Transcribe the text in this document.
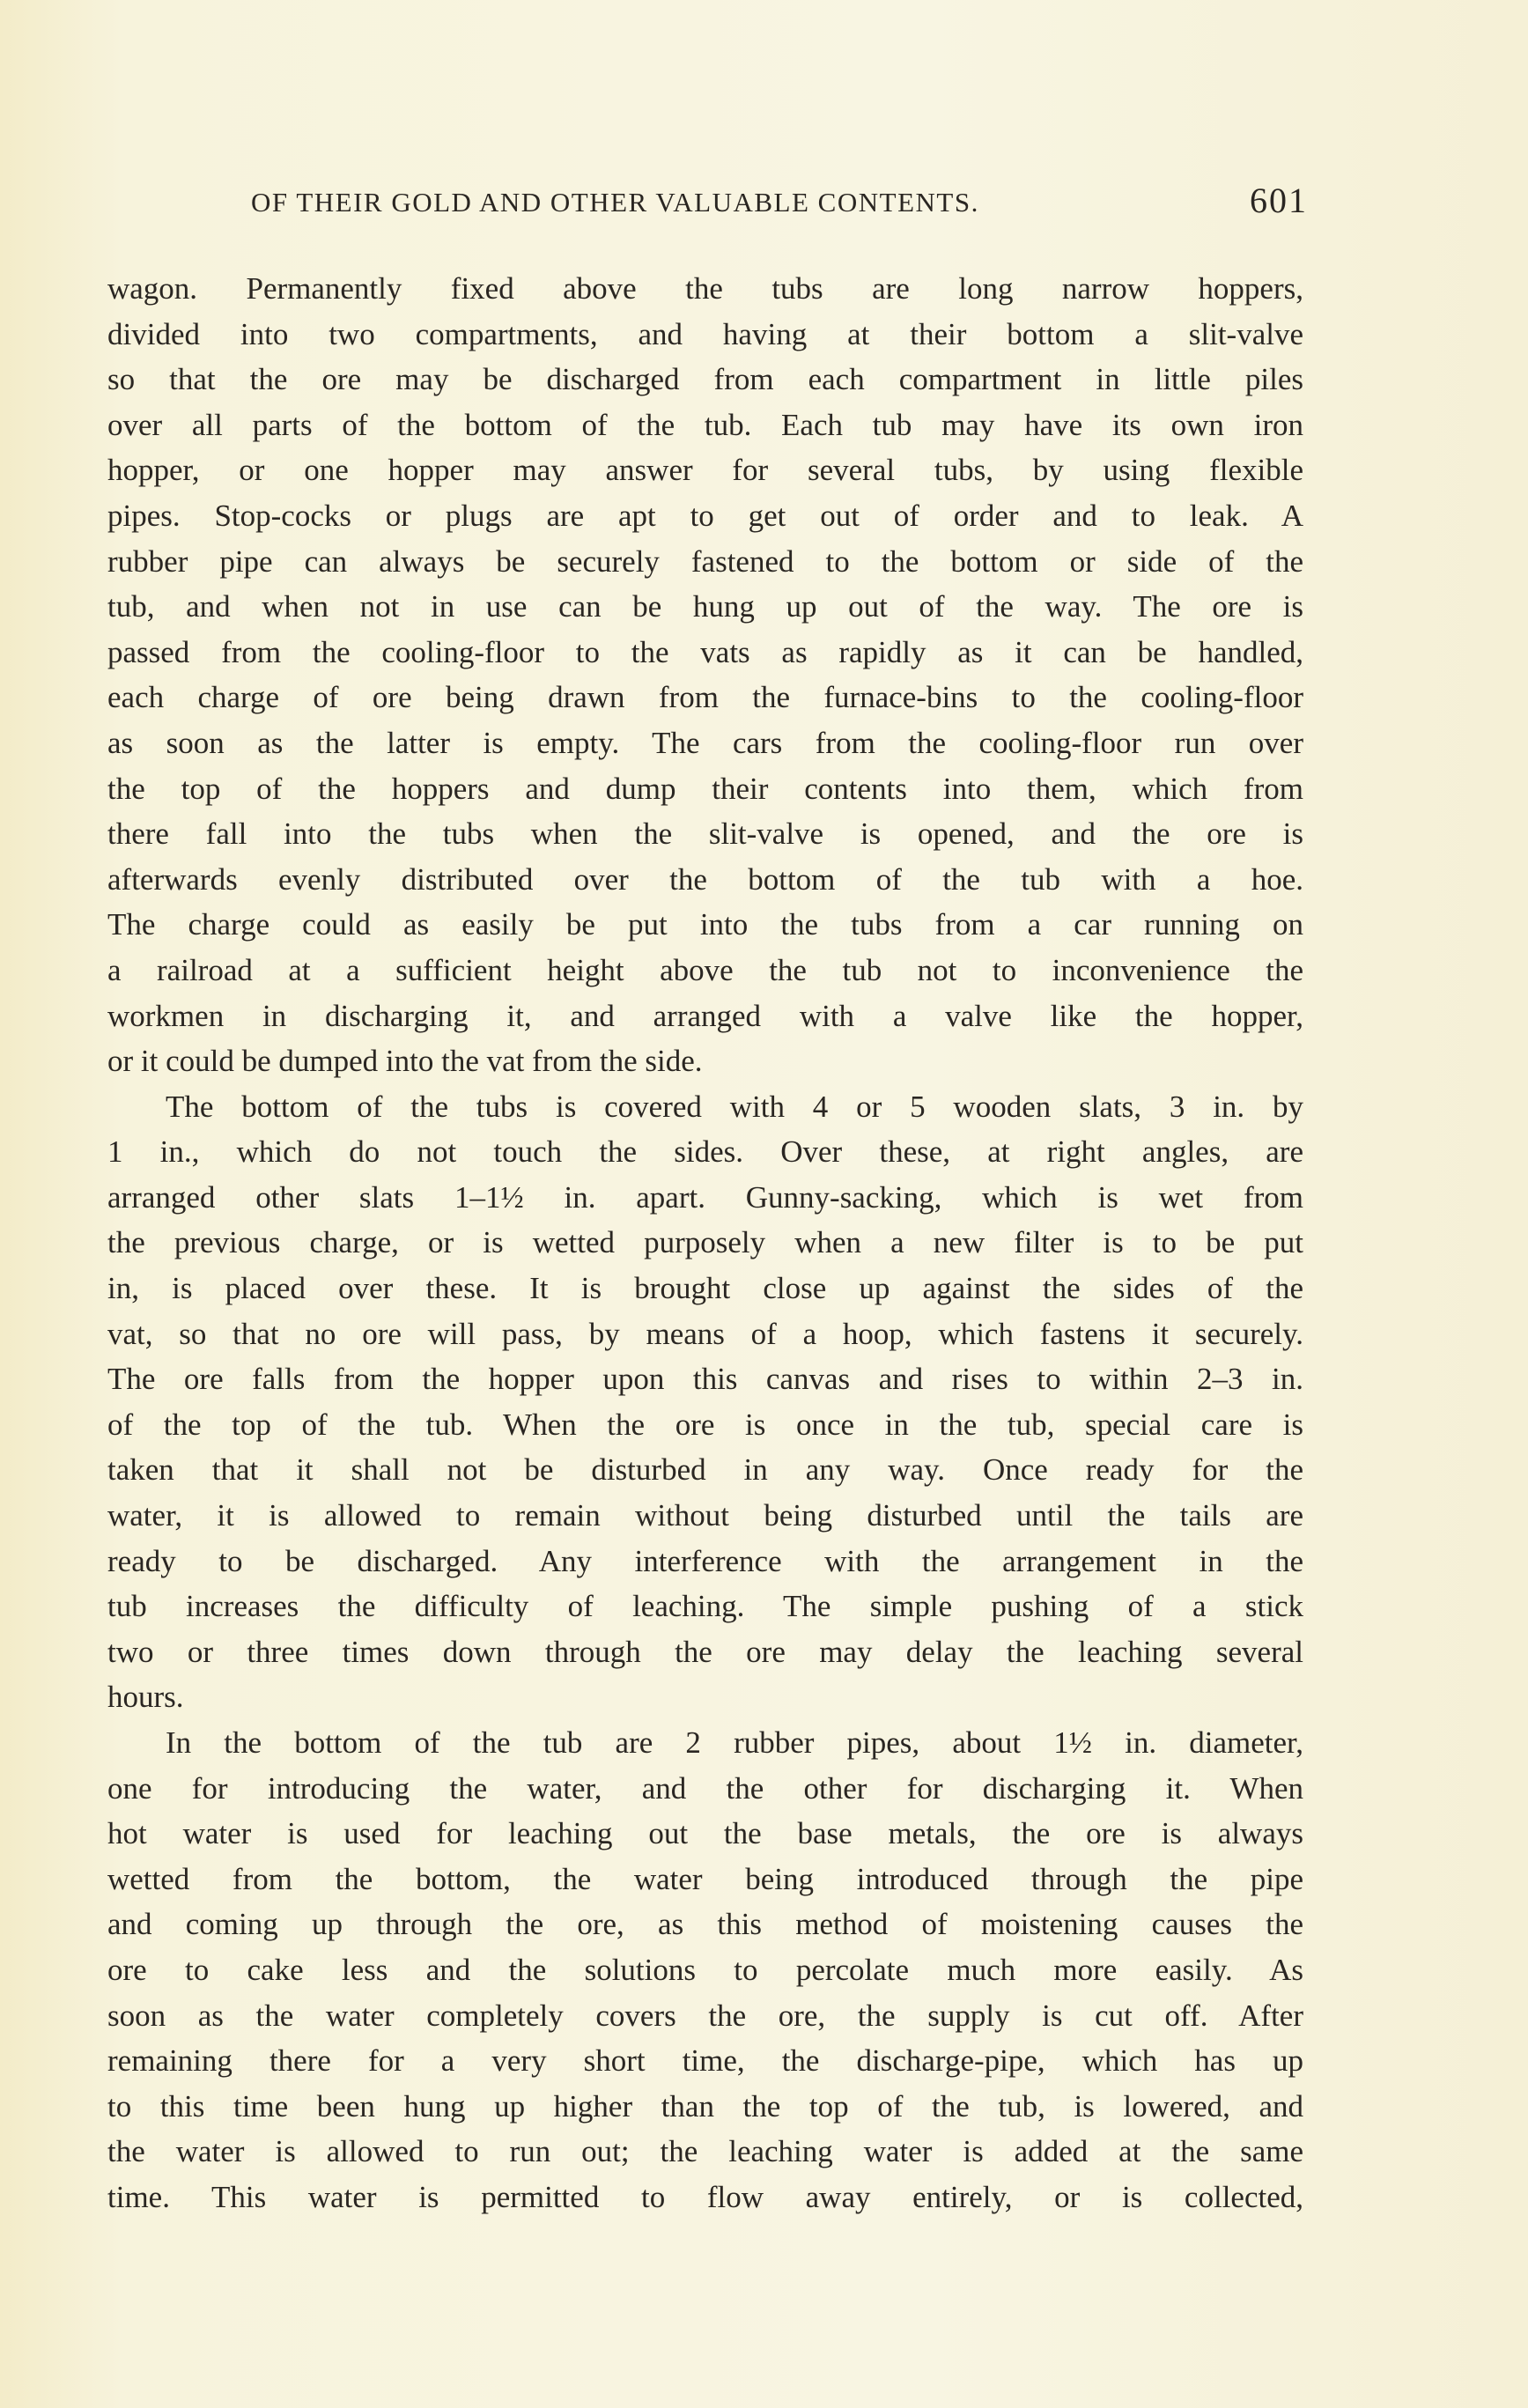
OF THEIR GOLD AND OTHER VALUABLE CONTENTS.	601
wagon. Permanently fixed above the tubs are long narrow hoppers,
divided into two compartments, and having at their bottom a slit-valve
so that the ore may be discharged from each compartment in little piles
over all parts of the bottom of the tub. Each tub may have its own iron
hopper, or one hopper may answer for several tubs, by using flexible
pipes. Stop-cocks or plugs are apt to get out of order and to leak. A
rubber pipe can always be securely fastened to the bottom or side of the
tub, and when not in use can be hung up out of the way. The ore is
passed from the cooling-floor to the vats as rapidly as it can be handled,
each charge of ore being drawn from the furnace-bins to the cooling-floor
as soon as the latter is empty. The cars from the cooling-floor run over
the top of the hoppers and dump their contents into them, which from
there fall into the tubs when the slit-valve is opened, and the ore is
afterwards evenly distributed over the bottom of the tub with a hoe.
The charge could as easily be put into the tubs from a car running on
a railroad at a sufficient height above the tub not to inconvenience the
workmen in discharging it, and arranged with a valve like the hopper,
or it could be dumped into the vat from the side.
The bottom of the tubs is covered with 4 or 5 wooden slats, 3 in. by
1 in., which do not touch the sides. Over these, at right angles, are
arranged other slats 1–1½ in. apart. Gunny-sacking, which is wet from
the previous charge, or is wetted purposely when a new filter is to be put
in, is placed over these. It is brought close up against the sides of the
vat, so that no ore will pass, by means of a hoop, which fastens it securely.
The ore falls from the hopper upon this canvas and rises to within 2–3 in.
of the top of the tub. When the ore is once in the tub, special care is
taken that it shall not be disturbed in any way. Once ready for the
water, it is allowed to remain without being disturbed until the tails are
ready to be discharged. Any interference with the arrangement in the
tub increases the difficulty of leaching. The simple pushing of a stick
two or three times down through the ore may delay the leaching several
hours.
In the bottom of the tub are 2 rubber pipes, about 1½ in. diameter,
one for introducing the water, and the other for discharging it. When
hot water is used for leaching out the base metals, the ore is always
wetted from the bottom, the water being introduced through the pipe
and coming up through the ore, as this method of moistening causes the
ore to cake less and the solutions to percolate much more easily. As
soon as the water completely covers the ore, the supply is cut off. After
remaining there for a very short time, the discharge-pipe, which has up
to this time been hung up higher than the top of the tub, is lowered, and
the water is allowed to run out; the leaching water is added at the same
time. This water is permitted to flow away entirely, or is collected,
